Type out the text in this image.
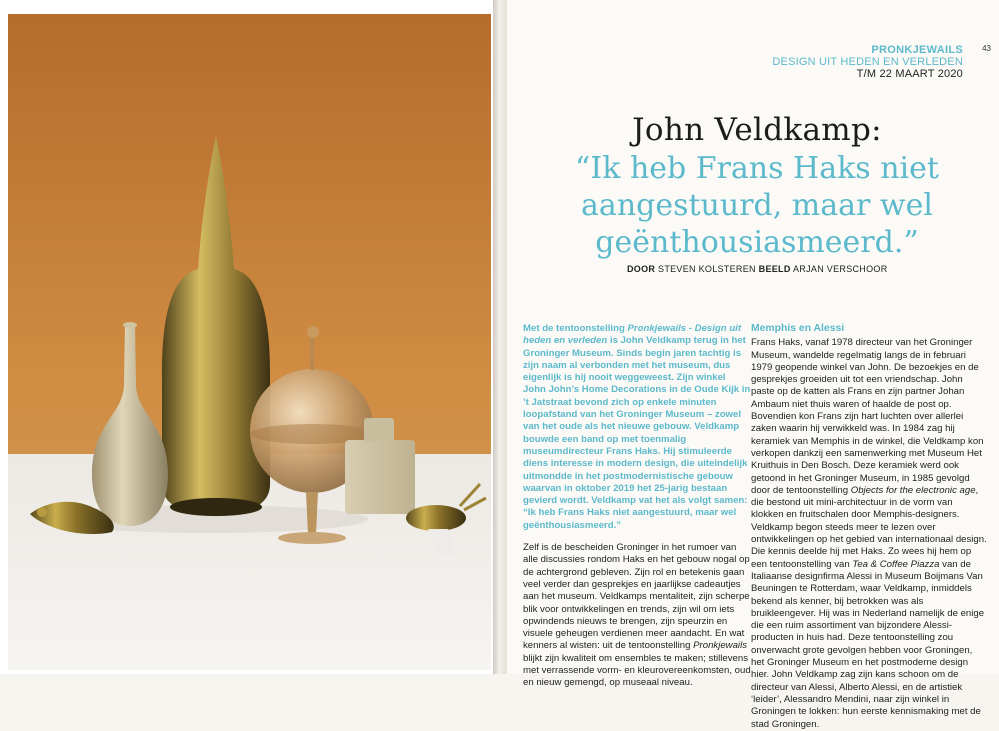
PRONKJEWAILS
DESIGN UIT HEDEN EN VERLEDEN
T/M 22 MAART 2020
43
John Veldkamp:
“Ik heb Frans Haks niet aangestuurd, maar wel geënthousiasmeerd.”
DOOR STEVEN KOLSTEREN BEELD ARJAN VERSCHOOR

Met de tentoonstelling Pronkjewails - Design uit heden en verleden is John Veldkamp terug in het Groninger Museum. Sinds begin jaren tachtig is zijn naam al verbonden met het museum, dus eigenlijk is hij nooit weggeweest. Zijn winkel John John’s Home Decorations in de Oude Kijk in ’t Jatstraat bevond zich op enkele minuten loopafstand van het Groninger Museum – zowel van het oude als het nieuwe gebouw. Veldkamp bouwde een band op met toenmalig museumdirecteur Frans Haks. Hij stimuleerde diens interesse in modern design, die uiteindelijk uitmondde in het postmodernistische gebouw waarvan in oktober 2019 het 25-jarig bestaan gevierd wordt. Veldkamp vat het als volgt samen: “Ik heb Frans Haks niet aangestuurd, maar wel geënthousiasmeerd.”

Zelf is de bescheiden Groninger in het rumoer van alle discussies rondom Haks en het gebouw nogal op de achtergrond gebleven. Zijn rol en betekenis gaan veel verder dan gesprekjes en jaarlijkse cadeautjes aan het museum. Veldkamps mentaliteit, zijn scherpe blik voor ontwikkelingen en trends, zijn wil om iets opwindends nieuws te brengen, zijn speurzin en visuele geheugen verdienen meer aandacht. En wat kenners al wisten: uit de tentoonstelling Pronkjewails blijkt zijn kwaliteit om ensembles te maken; stillevens met verrassende vorm- en kleurovereenkomsten, oud en nieuw gemengd, op museaal niveau.

Memphis en Alessi

Frans Haks, vanaf 1978 directeur van het Groninger Museum, wandelde regelmatig langs de in februari 1979 geopende winkel van John. De bezoekjes en de gesprekjes groeiden uit tot een vriendschap. John paste op de katten als Frans en zijn partner Johan Ambaum niet thuis waren of haalde de post op. Bovendien kon Frans zijn hart luchten over allerlei zaken waarin hij verwikkeld was. In 1984 zag hij keramiek van Memphis in de winkel, die Veldkamp kon verkopen dankzij een samenwerking met Museum Het Kruithuis in Den Bosch. Deze keramiek werd ook getoond in het Groninger Museum, in 1985 gevolgd door de tentoonstelling Objects for the electronic age, die bestond uit mini-architectuur in de vorm van klokken en fruitschalen door Memphis-designers. Veldkamp begon steeds meer te lezen over ontwikkelingen op het gebied van internationaal design. Die kennis deelde hij met Haks. Zo wees hij hem op een tentoonstelling van Tea & Coffee Piazza van de Italiaanse designfirma Alessi in Museum Boijmans Van Beuningen te Rotterdam, waar Veldkamp, inmiddels bekend als kenner, bij betrokken was als bruikleengever. Hij was in Nederland namelijk de enige die een ruim assortiment van bijzondere Alessi-producten in huis had. Deze tentoonstelling zou onverwacht grote gevolgen hebben voor Groningen, het Groninger Museum en het postmoderne design hier. John Veldkamp zag zijn kans schoon om de directeur van Alessi, Alberto Alessi, en de artistiek ‘leider’, Alessandro Mendini, naar zijn winkel in Groningen te lokken: hun eerste kennismaking met de stad Groningen.
